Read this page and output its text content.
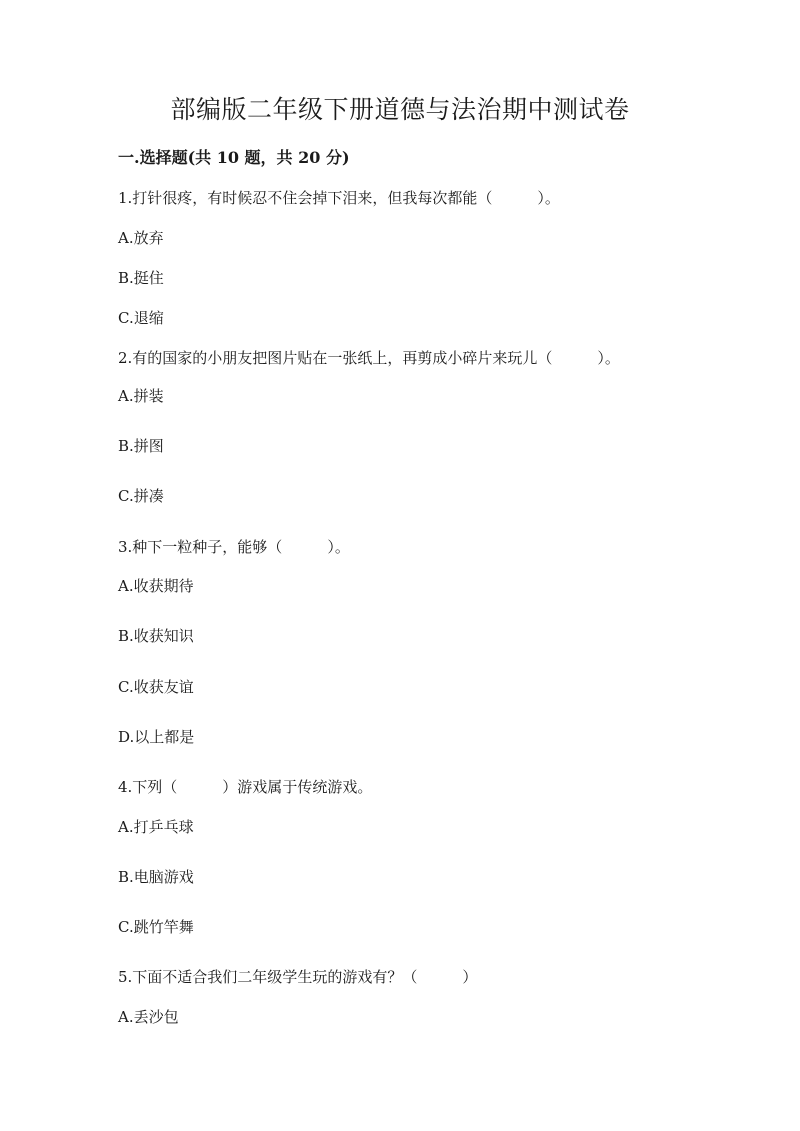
部编版二年级下册道德与法治期中测试卷
一.选择题(共 10 题，共 20 分)
1.打针很疼，有时候忍不住会掉下泪来，但我每次都能（　　　）。
A.放弃
B.挺住
C.退缩
2.有的国家的小朋友把图片贴在一张纸上，再剪成小碎片来玩儿（　　　）。
A.拼装
B.拼图
C.拼凑
3.种下一粒种子，能够（　　　）。
A.收获期待
B.收获知识
C.收获友谊
D.以上都是
4.下列（　　　）游戏属于传统游戏。
A.打乒乓球
B.电脑游戏
C.跳竹竿舞
5.下面不适合我们二年级学生玩的游戏有？（　　　）
A.丢沙包
